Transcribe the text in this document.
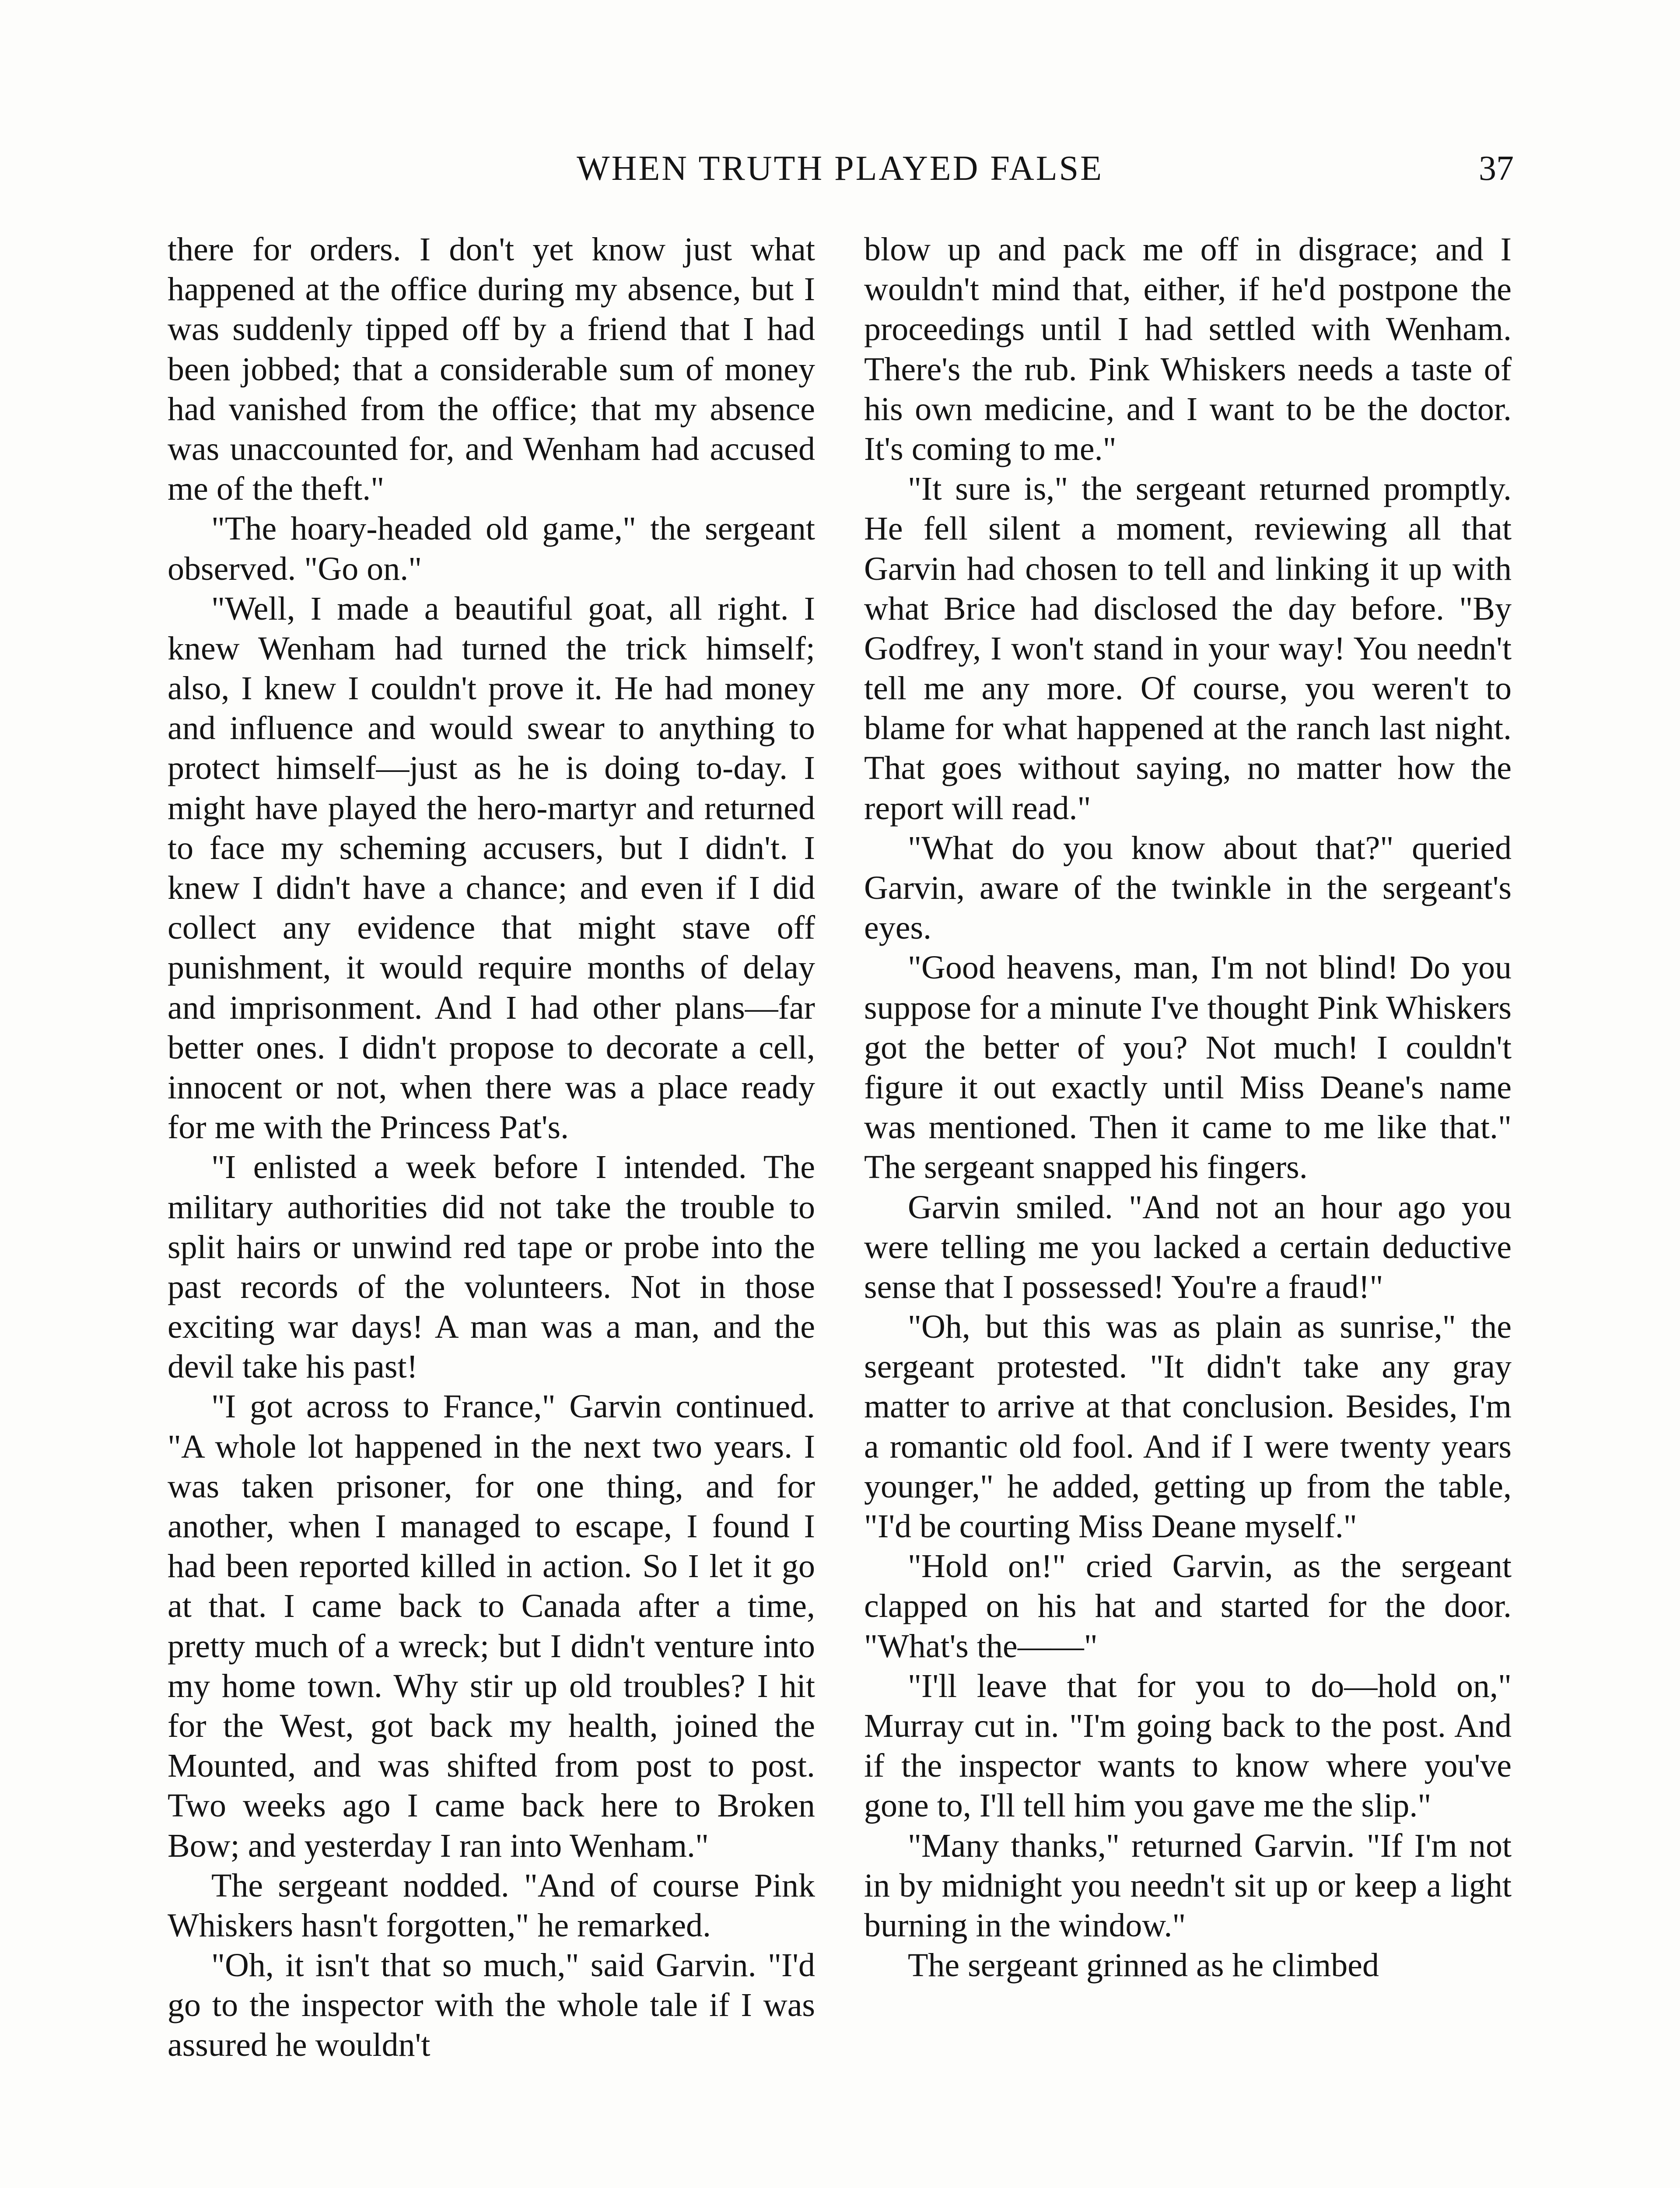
WHEN TRUTH PLAYED FALSE	37

there for orders. I don't yet know just what happened at the office during my absence, but I was suddenly tipped off by a friend that I had been jobbed; that a considerable sum of money had vanished from the office; that my absence was unaccounted for, and Wenham had accused me of the theft."

"The hoary-headed old game," the sergeant observed. "Go on."

"Well, I made a beautiful goat, all right. I knew Wenham had turned the trick himself; also, I knew I couldn't prove it. He had money and influence and would swear to anything to protect himself—just as he is doing to-day. I might have played the hero-martyr and returned to face my scheming accusers, but I didn't. I knew I didn't have a chance; and even if I did collect any evidence that might stave off punishment, it would require months of delay and imprisonment. And I had other plans—far better ones. I didn't propose to decorate a cell, innocent or not, when there was a place ready for me with the Princess Pat's.

"I enlisted a week before I intended. The military authorities did not take the trouble to split hairs or unwind red tape or probe into the past records of the volunteers. Not in those exciting war days! A man was a man, and the devil take his past!

"I got across to France," Garvin continued. "A whole lot happened in the next two years. I was taken prisoner, for one thing, and for another, when I managed to escape, I found I had been reported killed in action. So I let it go at that. I came back to Canada after a time, pretty much of a wreck; but I didn't venture into my home town. Why stir up old troubles? I hit for the West, got back my health, joined the Mounted, and was shifted from post to post. Two weeks ago I came back here to Broken Bow; and yesterday I ran into Wenham."

The sergeant nodded. "And of course Pink Whiskers hasn't forgotten," he remarked.

"Oh, it isn't that so much," said Garvin. "I'd go to the inspector with the whole tale if I was assured he wouldn't

blow up and pack me off in disgrace; and I wouldn't mind that, either, if he'd postpone the proceedings until I had settled with Wenham. There's the rub. Pink Whiskers needs a taste of his own medicine, and I want to be the doctor. It's coming to me."

"It sure is," the sergeant returned promptly. He fell silent a moment, reviewing all that Garvin had chosen to tell and linking it up with what Brice had disclosed the day before. "By Godfrey, I won't stand in your way! You needn't tell me any more. Of course, you weren't to blame for what happened at the ranch last night. That goes without saying, no matter how the report will read."

"What do you know about that?" queried Garvin, aware of the twinkle in the sergeant's eyes.

"Good heavens, man, I'm not blind! Do you suppose for a minute I've thought Pink Whiskers got the better of you? Not much! I couldn't figure it out exactly until Miss Deane's name was mentioned. Then it came to me like that." The sergeant snapped his fingers.

Garvin smiled. "And not an hour ago you were telling me you lacked a certain deductive sense that I possessed! You're a fraud!"

"Oh, but this was as plain as sunrise," the sergeant protested. "It didn't take any gray matter to arrive at that conclusion. Besides, I'm a romantic old fool. And if I were twenty years younger," he added, getting up from the table, "I'd be courting Miss Deane myself."

"Hold on!" cried Garvin, as the sergeant clapped on his hat and started for the door. "What's the——"

"I'll leave that for you to do—hold on," Murray cut in. "I'm going back to the post. And if the inspector wants to know where you've gone to, I'll tell him you gave me the slip."

"Many thanks," returned Garvin. "If I'm not in by midnight you needn't sit up or keep a light burning in the window."

The sergeant grinned as he climbed
